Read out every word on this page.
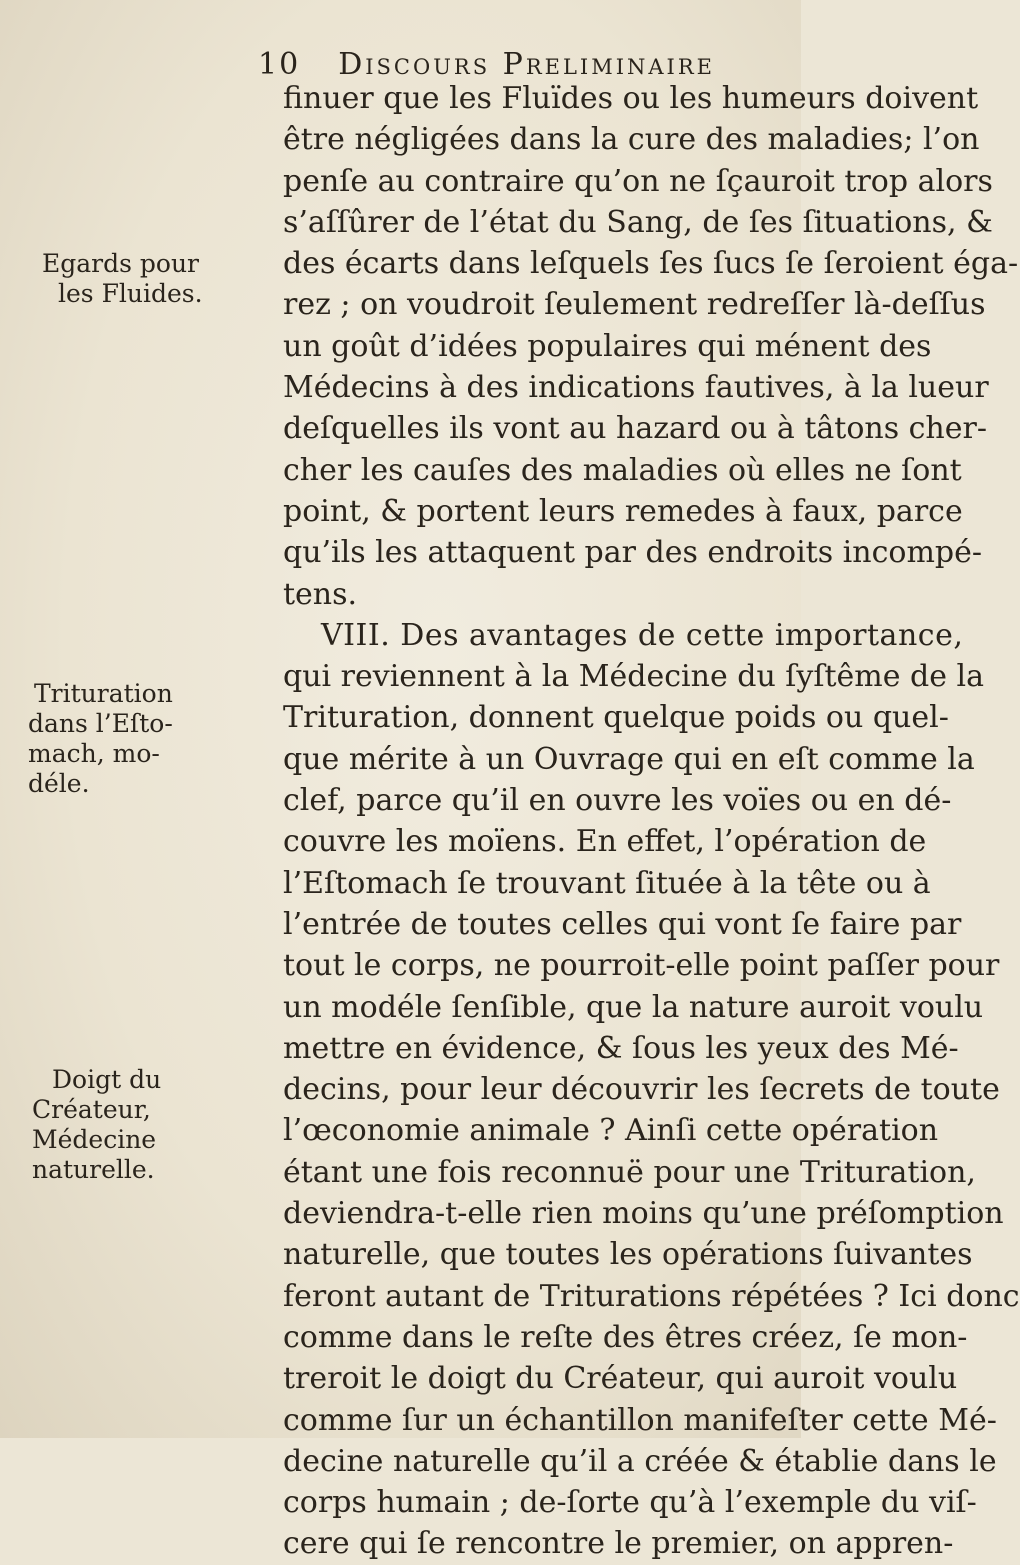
10 Discours Preliminaire
finuer que les Fluïdes ou les humeurs doivent
être négligées dans la cure des maladies; l’on
penſe au contraire qu’on ne ſçauroit trop alors
s’aſſûrer de l’état du Sang, de ſes ſituations, &
des écarts dans leſquels ſes ſucs ſe ſeroient éga-
rez ; on voudroit ſeulement redreſſer là-deſſus
un goût d’idées populaires qui ménent des
Médecins à des indications fautives, à la lueur
deſquelles ils vont au hazard ou à tâtons cher-
cher les cauſes des maladies où elles ne ſont
point, & portent leurs remedes à faux, parce
qu’ils les attaquent par des endroits incompé-
tens.
VIII. Des avantages de cette importance,
qui reviennent à la Médecine du ſyſtême de la
Trituration, donnent quelque poids ou quel-
que mérite à un Ouvrage qui en eſt comme la
clef, parce qu’il en ouvre les voïes ou en dé-
couvre les moïens. En effet, l’opération de
l’Eſtomach ſe trouvant ſituée à la tête ou à
l’entrée de toutes celles qui vont ſe faire par
tout le corps, ne pourroit-elle point paſſer pour
un modéle ſenſible, que la nature auroit voulu
mettre en évidence, & ſous les yeux des Mé-
decins, pour leur découvrir les ſecrets de toute
l’œconomie animale ? Ainſi cette opération
étant une fois reconnuë pour une Trituration,
deviendra-t-elle rien moins qu’une préſomption
naturelle, que toutes les opérations ſuivantes
feront autant de Triturations répétées ? Ici donc
comme dans le reſte des êtres créez, ſe mon-
treroit le doigt du Créateur, qui auroit voulu
comme ſur un échantillon manifeſter cette Mé-
decine naturelle qu’il a créée & établie dans le
corps humain ; de-ſorte qu’à l’exemple du viſ-
cere qui ſe rencontre le premier, on appren-
Egards pour
les Fluides.
Trituration
dans l’Eſto-
mach, mo-
déle.
Doigt du
Créateur,
Médecine
naturelle.
